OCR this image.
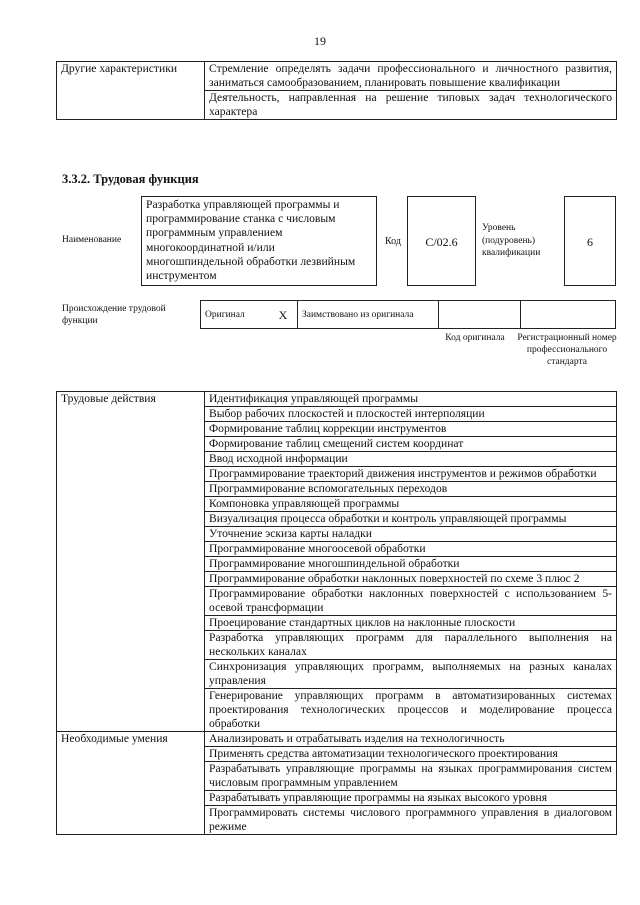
19
Другие характеристики	Стремление определять задачи профессионального и личностного развития, заниматься самообразованием, планировать повышение квалификации
Деятельность, направленная на решение типовых задач технологического характера
3.3.2. Трудовая функция
Наименование
Разработка управляющей программы и программирование станка с числовым программным управлением многокоординатной и/или многошпиндельной обработки лезвийным инструментом
Код	С/02.6
Уровень (подуровень) квалификации
6
Происхождение трудовой функции
Оригинал	X	Заимствовано из оригинала		
Код оригинала Регистрационный номер профессионального стандарта
Трудовые действия	Идентификация управляющей программы
	Выбор рабочих плоскостей и плоскостей интерполяции
	Формирование таблиц коррекции инструментов
	Формирование таблиц смещений систем координат
	Ввод исходной информации
	Программирование траекторий движения инструментов и режимов обработки
	Программирование вспомогательных переходов
	Компоновка управляющей программы
	Визуализация процесса обработки и контроль управляющей программы
	Уточнение эскиза карты наладки
	Программирование многоосевой обработки
	Программирование многошпиндельной обработки
	Программирование обработки наклонных поверхностей по схеме 3 плюс 2
	Программирование обработки наклонных поверхностей с использованием 5-осевой трансформации
	Проецирование стандартных циклов на наклонные плоскости
	Разработка управляющих программ для параллельного выполнения на нескольких каналах
	Синхронизация управляющих программ, выполняемых на разных каналах управления
	Генерирование управляющих программ в автоматизированных системах проектирования технологических процессов и моделирование процесса обработки
Необходимые умения	Анализировать и отрабатывать изделия на технологичность
	Применять средства автоматизации технологического проектирования
	Разрабатывать управляющие программы на языках программирования систем числовым программным управлением
	Разрабатывать управляющие программы на языках высокого уровня
	Программировать системы числового программного управления в диалоговом режиме
